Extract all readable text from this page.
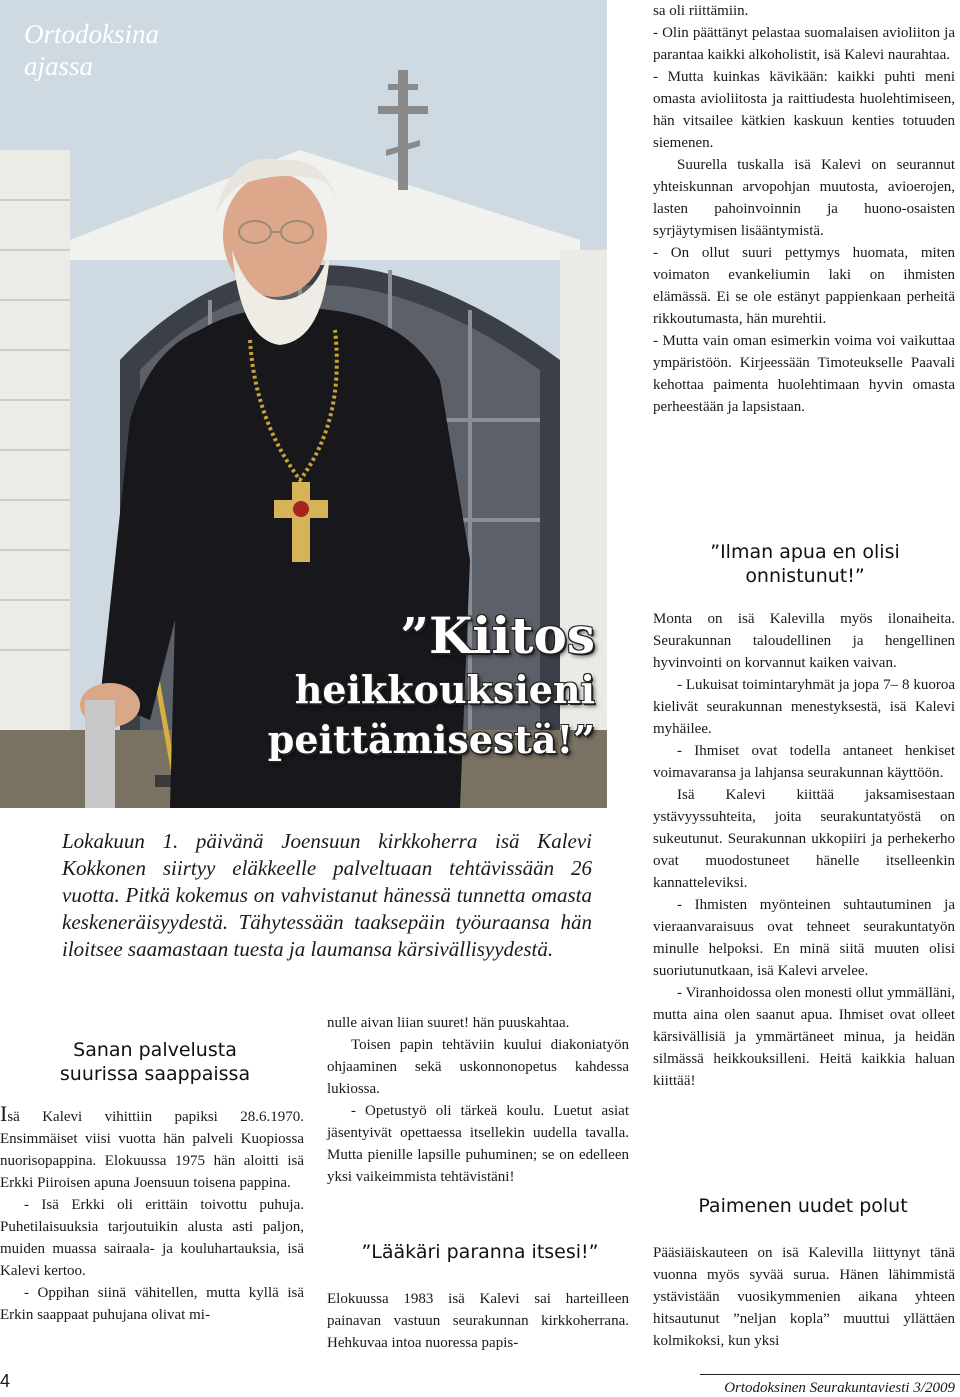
Ortodoksina ajassa
”Kiitos
heikkouksieni
peittämisestä!”

sa oli riittämiin.

- Olin päättänyt pelastaa suomalaisen avioliiton ja parantaa kaikki alkoholistit, isä Kalevi naurahtaa.

- Mutta kuinkas kävikään: kaikki puhti meni omasta avioliitosta ja raittiudesta huolehtimiseen, hän vitsailee kätkien kaskuun kenties totuuden siemenen.

Suurella tuskalla isä Kalevi on seurannut yhteiskunnan arvopohjan muutosta, avioerojen, lasten pahoinvoinnin ja huono-osaisten syrjäytymisen lisääntymistä.

- On ollut suuri pettymys huomata, miten voimaton evankeliumin laki on ihmisten elämässä. Ei se ole estänyt pappienkaan perheitä rikkoutumasta, hän murehtii.

- Mutta vain oman esimerkin voima voi vaikuttaa ympäristöön. Kirjeessään Timoteukselle Paavali kehottaa paimenta huolehtimaan hyvin omasta perheestään ja lapsistaan.

”Ilman apua en olisi onnistunut!”

Monta on isä Kalevilla myös ilonaiheita. Seurakunnan taloudellinen ja hengellinen hyvinvointi on korvannut kaiken vaivan.

- Lukuisat toimintaryhmät ja jopa 7– 8 kuoroa kielivät seurakunnan menestyksestä, isä Kalevi myhäilee.

- Ihmiset ovat todella antaneet henkiset voimavaransa ja lahjansa seurakunnan käyttöön.

Isä Kalevi kiittää jaksamisestaan ystävyyssuhteita, joita seurakuntatyöstä on sukeutunut. Seurakunnan ukkopiiri ja perhekerho ovat muodostuneet hänelle itselleenkin kannatteleviksi.

- Ihmisten myönteinen suhtautuminen ja vieraanvaraisuus ovat tehneet seurakuntatyön minulle helpoksi. En minä siitä muuten olisi suoriutunutkaan, isä Kalevi arvelee.

- Viranhoidossa olen monesti ollut ymmälläni, mutta aina olen saanut apua. Ihmiset ovat olleet kärsivällisiä ja ymmärtäneet minua, ja heidän silmässä heikkouksilleni. Heitä kaikkia haluan kiittää!

Paimenen uudet polut

Pääsiäiskauteen on isä Kalevilla liittynyt tänä vuonna myös syvää surua. Hänen lähimmistä ystävistään vuosikymmenien aikana yhteen hitsautunut ”neljan kopla” muuttui yllättäen kolmikoksi, kun yksi

Lokakuun 1. päivänä Joensuun kirkkoherra isä Kalevi Kokkonen siirtyy eläkkeelle palveltuaan tehtävissään 26 vuotta. Pitkä kokemus on vahvistanut hänessä tunnetta omasta keskeneräisyydestä. Tähytessään taaksepäin työuraansa hän iloitsee saamastaan tuesta ja laumansa kärsivällisyydestä.
Sanan palvelusta suurissa saappaissa

Isä Kalevi vihittiin papiksi 28.6.1970. Ensimmäiset viisi vuotta hän palveli Kuopiossa nuorisopappina. Elokuussa 1975 hän aloitti isä Erkki Piiroisen apuna Joensuun toisena pappina.

- Isä Erkki oli erittäin toivottu puhuja. Puhetilaisuuksia tarjoutuikin alusta asti paljon, muiden muassa sairaala- ja kouluhartauksia, isä Kalevi kertoo.

- Oppihan siinä vähitellen, mutta kyllä isä Erkin saappaat puhujana olivat mi-

nulle aivan liian suuret! hän puuskahtaa.

Toisen papin tehtäviin kuului diakoniatyön ohjaaminen sekä uskonnonopetus kahdessa lukiossa.

- Opetustyö oli tärkeä koulu. Luetut asiat jäsentyivät opettaessa itsellekin uudella tavalla. Mutta pienille lapsille puhuminen; se on edelleen yksi vaikeimmista tehtävistäni!

”Lääkäri paranna itsesi!”

Elokuussa 1983 isä Kalevi sai harteilleen painavan vastuun seurakunnan kirkkoherrana. Hehkuvaa intoa nuoressa papis-

4	Ortodoksinen Seurakuntaviesti 3/2009
